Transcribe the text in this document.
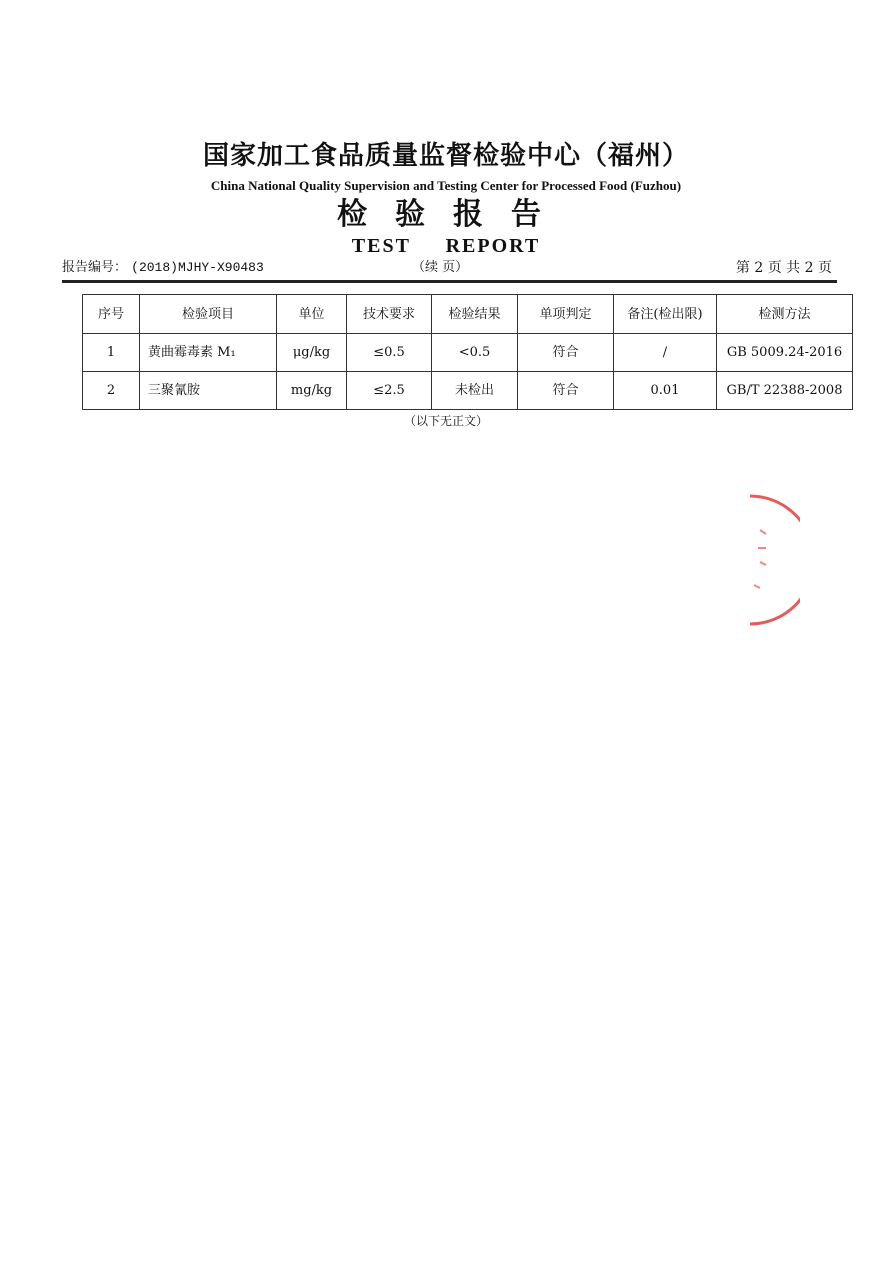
国家加工食品质量监督检验中心（福州）
China National Quality Supervision and Testing Center for Processed Food (Fuzhou)
检验报告
TEST REPORT
报告编号： (2018)MJHY-X90483	（续 页）	第 2 页 共 2 页
序号	检验项目	单位	技术要求	检验结果	单项判定	备注(检出限)	检测方法
1	黄曲霉毒素 M₁	μg/kg	≤0.5	<0.5	符合	/	GB 5009.24-2016
2	三聚氰胺	mg/kg	≤2.5	未检出	符合	0.01	GB/T 22388-2008
（以下无正文）
